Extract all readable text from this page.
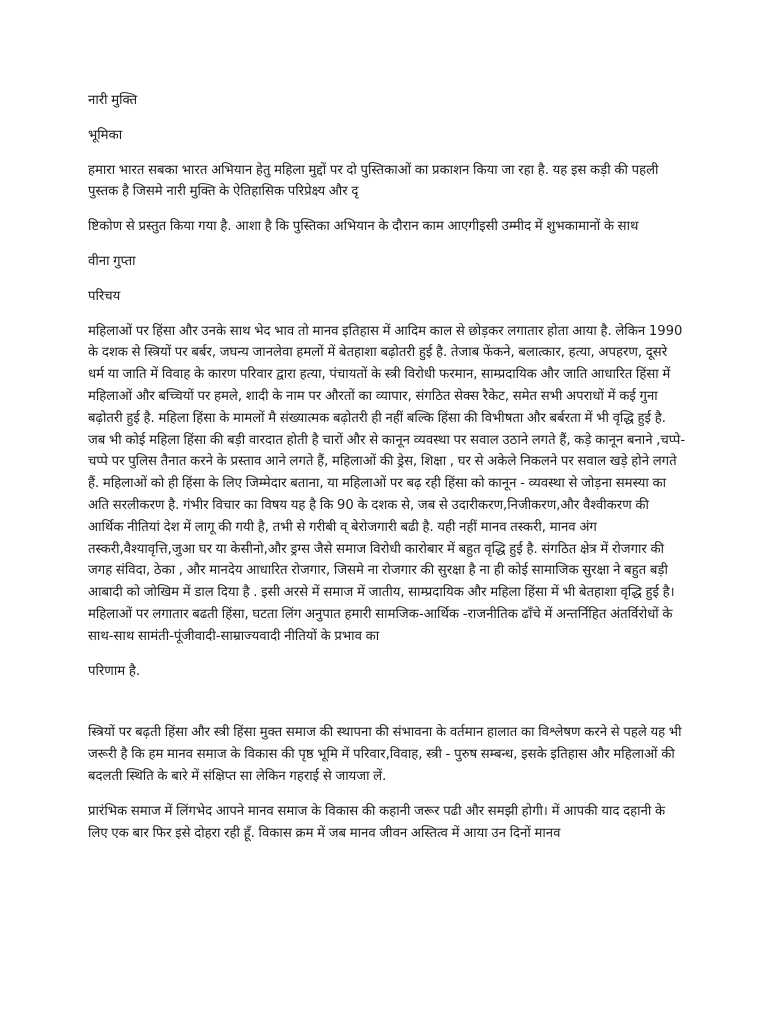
नारी मुक्ति

भूमिका

हमारा भारत सबका भारत अभियान हेतु महिला मुद्दों पर दो पुस्तिकाओं का प्रकाशन किया जा रहा है. यह इस कड़ी की पहली पुस्तक है जिसमे नारी मुक्ति के ऐतिहासिक परिप्रेक्ष्य और दृ

ष्टिकोण से प्रस्तुत किया गया है. आशा है कि पुस्तिका अभियान के दौरान काम आएगीइसी उम्मीद में शुभकामानों के साथ

वीना गुप्ता

परिचय

महिलाओं पर हिंसा और उनके साथ भेद भाव तो मानव इतिहास में आदिम काल से छोड़कर लगातार होता आया है. लेकिन 1990 के दशक से स्त्रियों पर बर्बर, जघन्य जानलेवा हमलों में बेतहाशा बढ़ोतरी हुई है. तेजाब फेंकने, बलात्कार, हत्या, अपहरण, दूसरे धर्म या जाति में विवाह के कारण परिवार द्वारा हत्या, पंचायतों के स्त्री विरोधी फरमान, साम्प्रदायिक और जाति आधारित हिंसा में महिलाओं और बच्चियों पर हमले, शादी के नाम पर औरतों का व्यापार, संगठित सेक्स रैकेट, समेत सभी अपराधों में कई गुना बढ़ोतरी हुई है. महिला हिंसा के मामलों मै संख्यात्मक बढ़ोतरी ही नहीं बल्कि हिंसा की विभीषता और बर्बरता में भी वृद्धि हुई है. जब भी कोई महिला हिंसा की बड़ी वारदात होती है चारों और से कानून व्यवस्था पर सवाल उठाने लगते हैं, कड़े कानून बनाने ,चप्पे-चप्पे पर पुलिस तैनात करने के प्रस्ताव आने लगते हैं, महिलाओं की ड्रेस, शिक्षा , घर से अकेले निकलने पर सवाल खड़े होने लगते हैं. महिलाओं को ही हिंसा के लिए जिम्मेदार बताना, या महिलाओं पर बढ़ रही हिंसा को कानून - व्यवस्था से जोड़ना समस्या का अति सरलीकरण है. गंभीर विचार का विषय यह है कि 90 के दशक से, जब से उदारीकरण,निजीकरण,और वैश्वीकरण की आर्थिक नीतियां देश में लागू की गयी है, तभी से गरीबी व् बेरोजगारी बढी है. यही नहीं मानव तस्करी, मानव अंग तस्करी,वैश्यावृत्ति,जुआ घर या केसीनो,और ड्रग्स जैसे समाज विरोधी कारोबार में बहुत वृद्धि हुई है. संगठित क्षेत्र में रोजगार की जगह संविदा, ठेका , और मानदेय आधारित रोजगार, जिसमे ना रोजगार की सुरक्षा है ना ही कोई सामाजिक सुरक्षा ने बहुत बड़ी आबादी को जोखिम में डाल दिया है . इसी अरसे में समाज में जातीय, साम्प्रदायिक और महिला हिंसा में भी बेतहाशा वृद्धि हुई है।महिलाओं पर लगातार बढती हिंसा, घटता लिंग अनुपात हमारी सामजिक-आर्थिक -राजनीतिक ढाँचे में अन्तर्निहित अंतर्विरोधों के साथ-साथ सामंती-पूंजीवादी-साम्राज्यवादी नीतियों के प्रभाव का

परिणाम है.

स्त्रियों पर बढ़ती हिंसा और स्त्री हिंसा मुक्त समाज की स्थापना की संभावना के वर्तमान हालात का विश्लेषण करने से पहले यह भी जरूरी है कि हम मानव समाज के विकास की पृष्ठ भूमि में परिवार,विवाह, स्त्री - पुरुष सम्बन्ध, इसके इतिहास और महिलाओं की बदलती स्थिति के बारे में संक्षिप्त सा लेकिन गहराई से जायजा लें.

प्रारंभिक समाज में लिंगभेद आपने मानव समाज के विकास की कहानी जरूर पढी और समझी होगी। में आपकी याद दहानी के लिए एक बार फिर इसे दोहरा रही हूँ. विकास क्रम में जब मानव जीवन अस्तित्व में आया उन दिनों मानव
